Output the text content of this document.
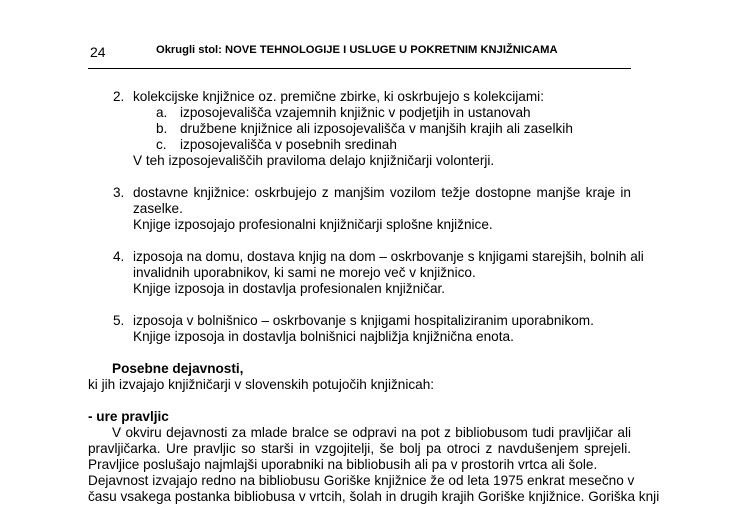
24	Okrugli stol: NOVE TEHNOLOGIJE I USLUGE U POKRETNIM KNJIŽNICAMA
2. kolekcijske knjižnice oz. premične zbirke, ki oskrbujejo s kolekcijami:
a. izposojevališča vzajemnih knjižnic v podjetjih in ustanovah
b. družbene knjižnice ali izposojevališča v manjših krajih ali zaselkih
c. izposojevališča v posebnih sredinah
V teh izposojevališčih praviloma delajo knjižničarji volonterji.
3. dostavne knjižnice: oskrbujejo z manjšim vozilom težje dostopne manjše kraje in
zaselke.
Knjige izposojajo profesionalni knjižničarji splošne knjižnice.
4. izposoja na domu, dostava knjig na dom – oskrbovanje s knjigami starejših, bolnih ali
invalidnih uporabnikov, ki sami ne morejo več v knjižnico.
Knjige izposoja in dostavlja profesionalen knjižničar.
5. izposoja v bolnišnico – oskrbovanje s knjigami hospitaliziranim uporabnikom.
Knjige izposoja in dostavlja bolnišnici najbližja knjižnična enota.
Posebne dejavnosti,
ki jih izvajajo knjižničarji v slovenskih potujočih knjižnicah:
- ure pravljic
V okviru dejavnosti za mlade bralce se odpravi na pot z bibliobusom tudi pravljičar ali
pravljičarka. Ure pravljic so starši in vzgojitelji, še bolj pa otroci z navdušenjem sprejeli.
Pravljice poslušajo najmlajši uporabniki na bibliobusih ali pa v prostorih vrtca ali šole.
Dejavnost izvajajo redno na bibliobusu Goriške knjižnice že od leta 1975 enkrat mesečno v
času vsakega postanka bibliobusa v vrtcih, šolah in drugih krajih Goriške knjižnice. Goriška knji
